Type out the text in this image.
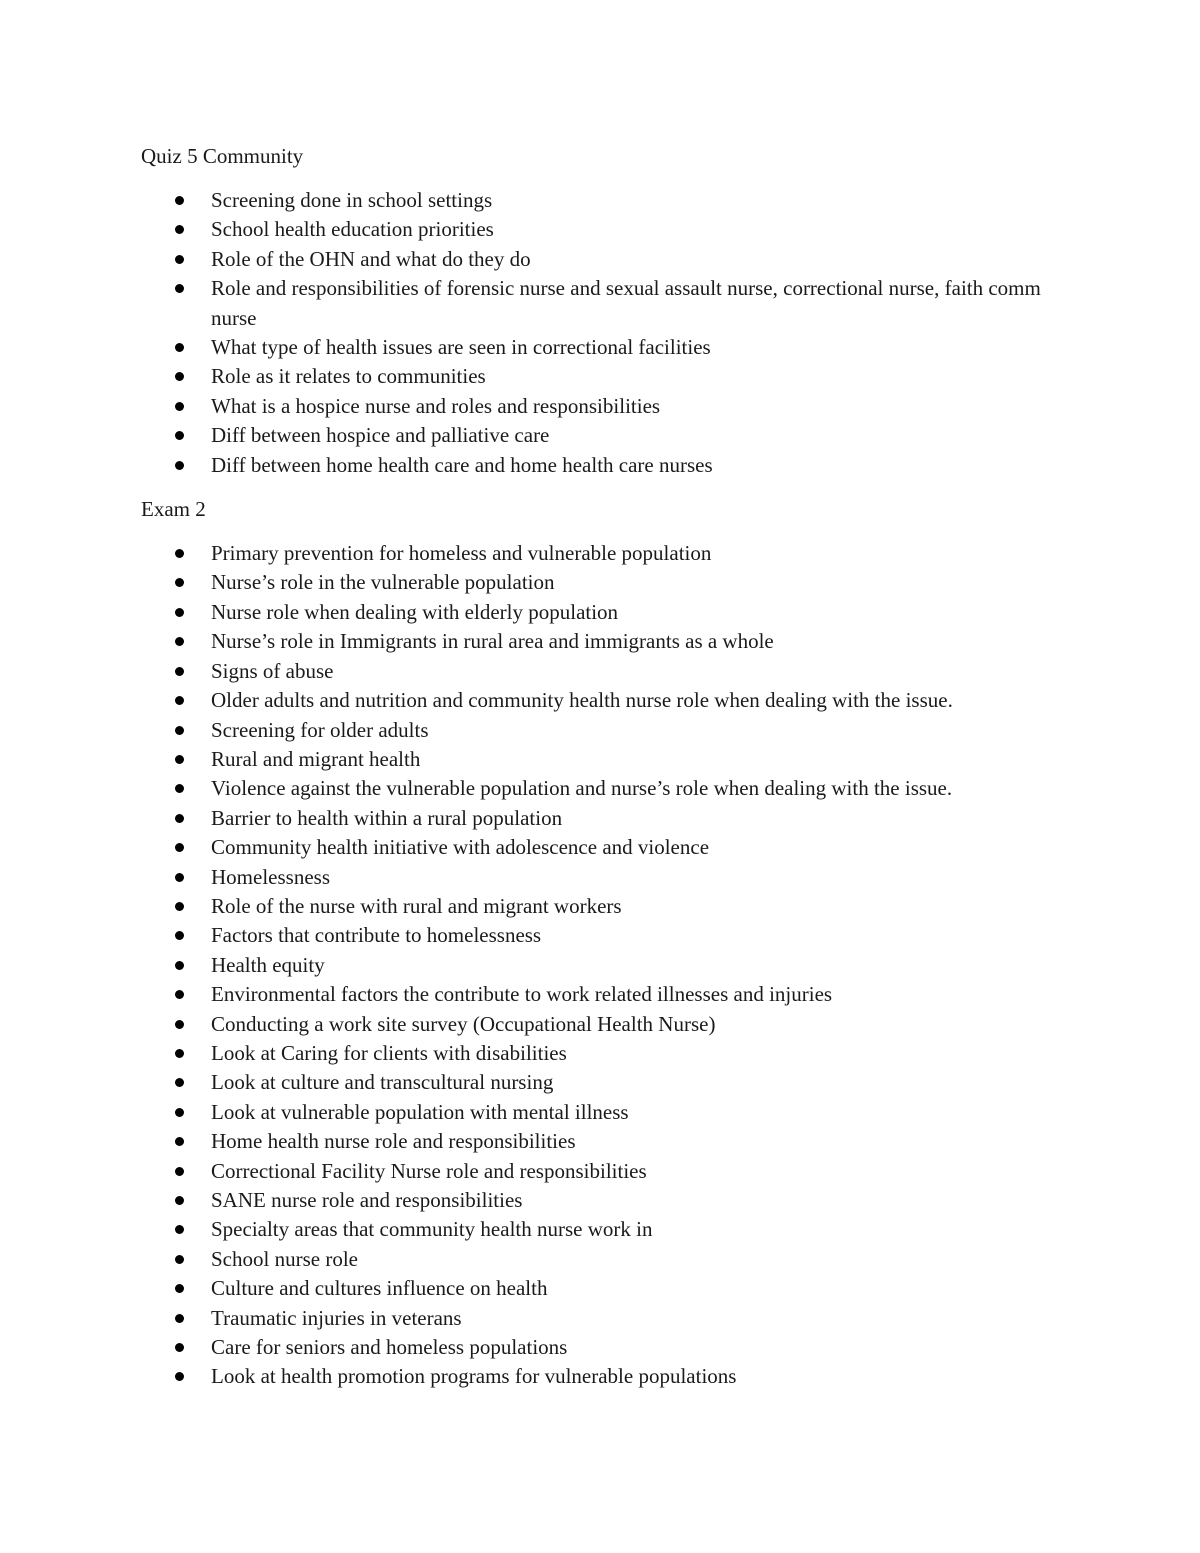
Quiz 5 Community
Screening done in school settings
School health education priorities
Role of the OHN and what do they do
Role and responsibilities of forensic nurse and sexual assault nurse, correctional nurse, faith comm nurse
What type of health issues are seen in correctional facilities
Role as it relates to communities
What is a hospice nurse and roles and responsibilities
Diff between hospice and palliative care
Diff between home health care and home health care nurses
Exam 2
Primary prevention for homeless and vulnerable population
Nurse’s role in the vulnerable population
Nurse role when dealing with elderly population
Nurse’s role in Immigrants in rural area and immigrants as a whole
Signs of abuse
Older adults and nutrition and community health nurse role when dealing with the issue.
Screening for older adults
Rural and migrant health
Violence against the vulnerable population and nurse’s role when dealing with the issue.
Barrier to health within a rural population
Community health initiative with adolescence and violence
Homelessness
Role of the nurse with rural and migrant workers
Factors that contribute to homelessness
Health equity
Environmental factors the contribute to work related illnesses and injuries
Conducting a work site survey (Occupational Health Nurse)
Look at Caring for clients with disabilities
Look at culture and transcultural nursing
Look at vulnerable population with mental illness
Home health nurse role and responsibilities
Correctional Facility Nurse role and responsibilities
SANE nurse role and responsibilities
Specialty areas that community health nurse work in
School nurse role
Culture and cultures influence on health
Traumatic injuries in veterans
Care for seniors and homeless populations
Look at health promotion programs for vulnerable populations
